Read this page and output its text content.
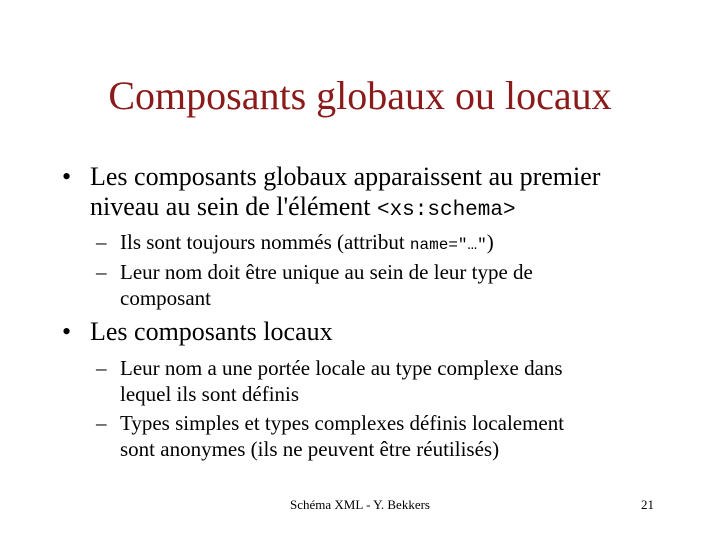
Composants globaux ou locaux
• Les composants globaux apparaissent au premier
niveau au sein de l'élément <xs:schema>
– Ils sont toujours nommés (attribut name="…")
– Leur nom doit être unique au sein de leur type de
composant
• Les composants locaux
– Leur nom a une portée locale au type complexe dans
lequel ils sont définis
– Types simples et types complexes définis localement
sont anonymes (ils ne peuvent être réutilisés)
Schéma XML - Y. Bekkers	21
